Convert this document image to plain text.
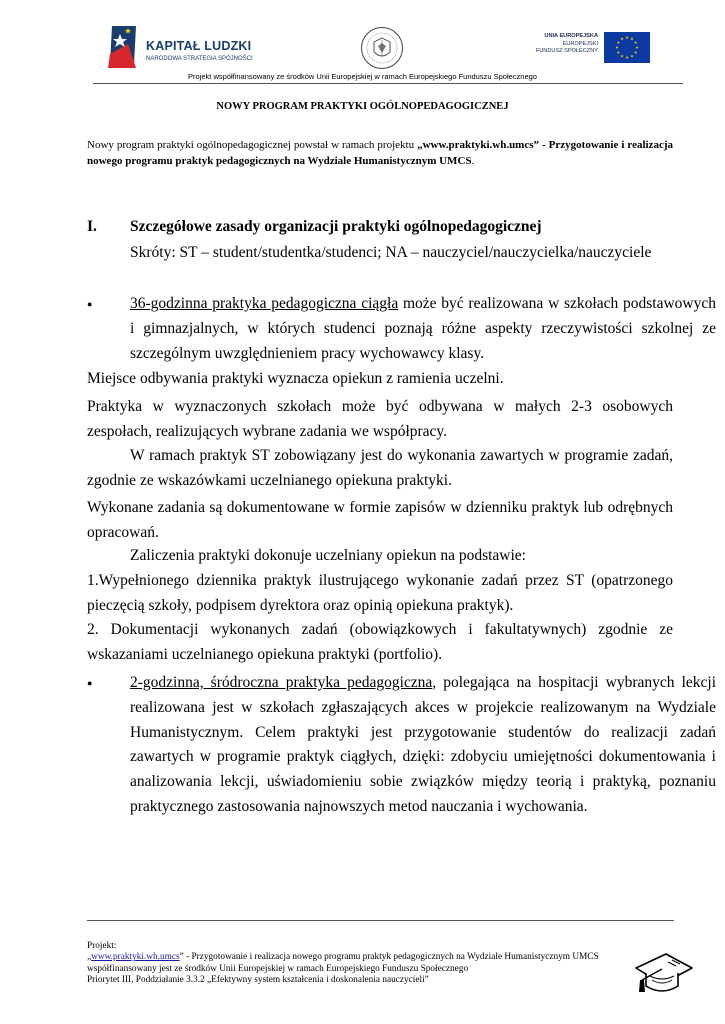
KAPITAŁ LUDZKI
NARODOWA STRATEGIA SPÓJNOŚCI
UNIA EUROPEJSKA
EUROPEJSKI
FUNDUSZ SPOŁECZNY
Projekt współfinansowany ze środków Unii Europejskiej w ramach Europejskiego Funduszu Społecznego
NOWY PROGRAM PRAKTYKI OGÓLNOPEDAGOGICZNEJ
Nowy program praktyki ogólnopedagogicznej powstał w ramach projektu „www.praktyki.wh.umcs” - Przygotowanie i realizacja nowego programu praktyk pedagogicznych na Wydziale Humanistycznym UMCS.
I. Szczegółowe zasady organizacji praktyki ogólnopedagogicznej
Skróty: ST – student/studentka/studenci; NA – nauczyciel/nauczycielka/nauczyciele
●	36-godzinna praktyka pedagogiczna ciągła może być realizowana w szkołach podstawowych i gimnazjalnych, w których studenci poznają różne aspekty rzeczywistości szkolnej ze szczególnym uwzględnieniem pracy wychowawcy klasy.

Miejsce odbywania praktyki wyznacza opiekun z ramienia uczelni.

Praktyka w wyznaczonych szkołach może być odbywana w małych 2-3 osobowych zespołach, realizujących wybrane zadania we współpracy.

W ramach praktyk ST zobowiązany jest do wykonania zawartych w programie zadań, zgodnie ze wskazówkami uczelnianego opiekuna praktyki.

Wykonane zadania są dokumentowane w formie zapisów w dzienniku praktyk lub odrębnych opracowań.

Zaliczenia praktyki dokonuje uczelniany opiekun na podstawie:

1.Wypełnionego dziennika praktyk ilustrującego wykonanie zadań przez ST (opatrzonego pieczęcią szkoły, podpisem dyrektora oraz opinią opiekuna praktyk).

2. Dokumentacji wykonanych zadań (obowiązkowych i fakultatywnych) zgodnie ze wskazaniami uczelnianego opiekuna praktyki (portfolio).

●	2-godzinna, śródroczna praktyka pedagogiczna, polegająca na hospitacji wybranych lekcji realizowana jest w szkołach zgłaszających akces w projekcie realizowanym na Wydziale Humanistycznym. Celem praktyki jest przygotowanie studentów do realizacji zadań zawartych w programie praktyk ciągłych, dzięki: zdobyciu umiejętności dokumentowania i analizowania lekcji, uświadomieniu sobie związków między teorią i praktyką, poznaniu praktycznego zastosowania najnowszych metod nauczania i wychowania.
Projekt:
„www.praktyki.wh.umcs” - Przygotowanie i realizacja nowego programu praktyk pedagogicznych na Wydziale Humanistycznym UMCS
współfinansowany jest ze środków Unii Europejskiej w ramach Europejskiego Funduszu Społecznego
Priorytet III, Poddziałanie 3.3.2 „Efektywny system kształcenia i doskonalenia nauczycieli”
